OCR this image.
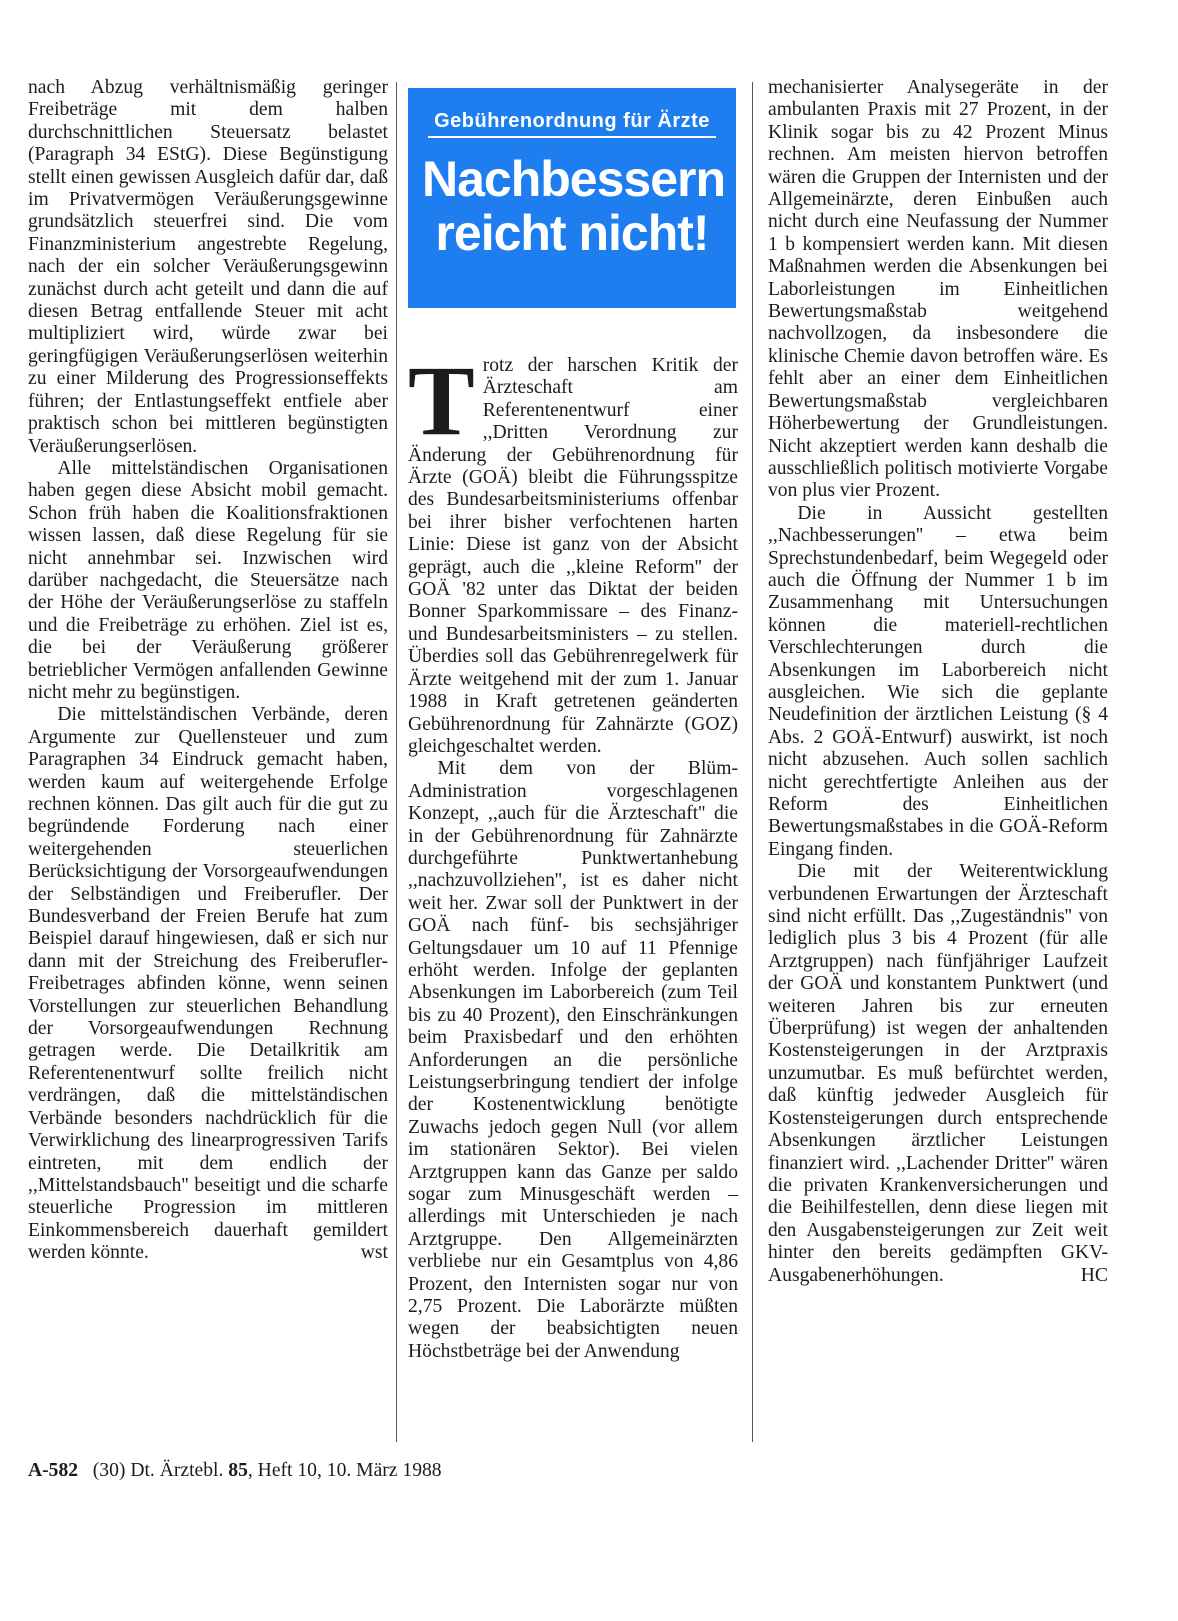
nach Abzug verhältnismäßig geringer Freibeträge mit dem halben durchschnittlichen Steuersatz belastet (Paragraph 34 EStG). Diese Begünstigung stellt einen gewissen Ausgleich dafür dar, daß im Privatvermögen Veräußerungsgewinne grundsätzlich steuerfrei sind. Die vom Finanzministerium angestrebte Regelung, nach der ein solcher Veräußerungsgewinn zunächst durch acht geteilt und dann die auf diesen Betrag entfallende Steuer mit acht multipliziert wird, würde zwar bei geringfügigen Veräußerungserlösen weiterhin zu einer Milderung des Progressionseffekts führen; der Entlastungseffekt entfiele aber praktisch schon bei mittleren begünstigten Veräußerungserlösen.

Alle mittelständischen Organisationen haben gegen diese Absicht mobil gemacht. Schon früh haben die Koalitionsfraktionen wissen lassen, daß diese Regelung für sie nicht annehmbar sei. Inzwischen wird darüber nachgedacht, die Steuersätze nach der Höhe der Veräußerungserlöse zu staffeln und die Freibeträge zu erhöhen. Ziel ist es, die bei der Veräußerung größerer betrieblicher Vermögen anfallenden Gewinne nicht mehr zu begünstigen.

Die mittelständischen Verbände, deren Argumente zur Quellensteuer und zum Paragraphen 34 Eindruck gemacht haben, werden kaum auf weitergehende Erfolge rechnen können. Das gilt auch für die gut zu begründende Forderung nach einer weitergehenden steuerlichen Berücksichtigung der Vorsorgeaufwendungen der Selbständigen und Freiberufler. Der Bundesverband der Freien Berufe hat zum Beispiel darauf hingewiesen, daß er sich nur dann mit der Streichung des Freiberufler-Freibetrages abfinden könne, wenn seinen Vorstellungen zur steuerlichen Behandlung der Vorsorgeaufwendungen Rechnung getragen werde. Die Detailkritik am Referentenentwurf sollte freilich nicht verdrängen, daß die mittelständischen Verbände besonders nachdrücklich für die Verwirklichung des linearprogressiven Tarifs eintreten, mit dem endlich der ,,Mittelstandsbauch'' beseitigt und die scharfe steuerliche Progression im mittleren Einkommensbereich dauerhaft gemildert werden könnte.	wst

Gebührenordnung für Ärzte
Nachbessern
reicht nicht!

Trotz der harschen Kritik der Ärzteschaft am Referentenentwurf einer ,,Dritten Verordnung zur Änderung der Gebührenordnung für Ärzte (GOÄ) bleibt die Führungsspitze des Bundesarbeitsministeriums offenbar bei ihrer bisher verfochtenen harten Linie: Diese ist ganz von der Absicht geprägt, auch die ,,kleine Reform'' der GOÄ '82 unter das Diktat der beiden Bonner Sparkommissare – des Finanz- und Bundesarbeitsministers – zu stellen. Überdies soll das Gebührenregelwerk für Ärzte weitgehend mit der zum 1. Januar 1988 in Kraft getretenen geänderten Gebührenordnung für Zahnärzte (GOZ) gleichgeschaltet werden.

Mit dem von der Blüm-Administration vorgeschlagenen Konzept, ,,auch für die Ärzteschaft'' die in der Gebührenordnung für Zahnärzte durchgeführte Punktwertanhebung ,,nachzuvollziehen'', ist es daher nicht weit her. Zwar soll der Punktwert in der GOÄ nach fünf- bis sechsjähriger Geltungsdauer um 10 auf 11 Pfennige erhöht werden. Infolge der geplanten Absenkungen im Laborbereich (zum Teil bis zu 40 Prozent), den Einschränkungen beim Praxisbedarf und den erhöhten Anforderungen an die persönliche Leistungserbringung tendiert der infolge der Kostenentwicklung benötigte Zuwachs jedoch gegen Null (vor allem im stationären Sektor). Bei vielen Arztgruppen kann das Ganze per saldo sogar zum Minusgeschäft werden – allerdings mit Unterschieden je nach Arztgruppe. Den Allgemeinärzten verbliebe nur ein Gesamtplus von 4,86 Prozent, den Internisten sogar nur von 2,75 Prozent. Die Laborärzte müßten wegen der beabsichtigten neuen Höchstbeträge bei der Anwendung

mechanisierter Analysegeräte in der ambulanten Praxis mit 27 Prozent, in der Klinik sogar bis zu 42 Prozent Minus rechnen. Am meisten hiervon betroffen wären die Gruppen der Internisten und der Allgemeinärzte, deren Einbußen auch nicht durch eine Neufassung der Nummer 1 b kompensiert werden kann. Mit diesen Maßnahmen werden die Absenkungen bei Laborleistungen im Einheitlichen Bewertungsmaßstab weitgehend nachvollzogen, da insbesondere die klinische Chemie davon betroffen wäre. Es fehlt aber an einer dem Einheitlichen Bewertungsmaßstab vergleichbaren Höherbewertung der Grundleistungen. Nicht akzeptiert werden kann deshalb die ausschließlich politisch motivierte Vorgabe von plus vier Prozent.

Die in Aussicht gestellten ,,Nachbesserungen'' – etwa beim Sprechstundenbedarf, beim Wegegeld oder auch die Öffnung der Nummer 1 b im Zusammenhang mit Untersuchungen können die materiell-rechtlichen Verschlechterungen durch die Absenkungen im Laborbereich nicht ausgleichen. Wie sich die geplante Neudefinition der ärztlichen Leistung (§ 4 Abs. 2 GOÄ-Entwurf) auswirkt, ist noch nicht abzusehen. Auch sollen sachlich nicht gerechtfertigte Anleihen aus der Reform des Einheitlichen Bewertungsmaßstabes in die GOÄ-Reform Eingang finden.

Die mit der Weiterentwicklung verbundenen Erwartungen der Ärzteschaft sind nicht erfüllt. Das ,,Zugeständnis'' von lediglich plus 3 bis 4 Prozent (für alle Arztgruppen) nach fünfjähriger Laufzeit der GOÄ und konstantem Punktwert (und weiteren Jahren bis zur erneuten Überprüfung) ist wegen der anhaltenden Kostensteigerungen in der Arztpraxis unzumutbar. Es muß befürchtet werden, daß künftig jedweder Ausgleich für Kostensteigerungen durch entsprechende Absenkungen ärztlicher Leistungen finanziert wird. ,,Lachender Dritter'' wären die privaten Krankenversicherungen und die Beihilfestellen, denn diese liegen mit den Ausgabensteigerungen zur Zeit weit hinter den bereits gedämpften GKV-Ausgabenerhöhungen.	HC

A-582 (30) Dt. Ärztebl. 85, Heft 10, 10. März 1988
